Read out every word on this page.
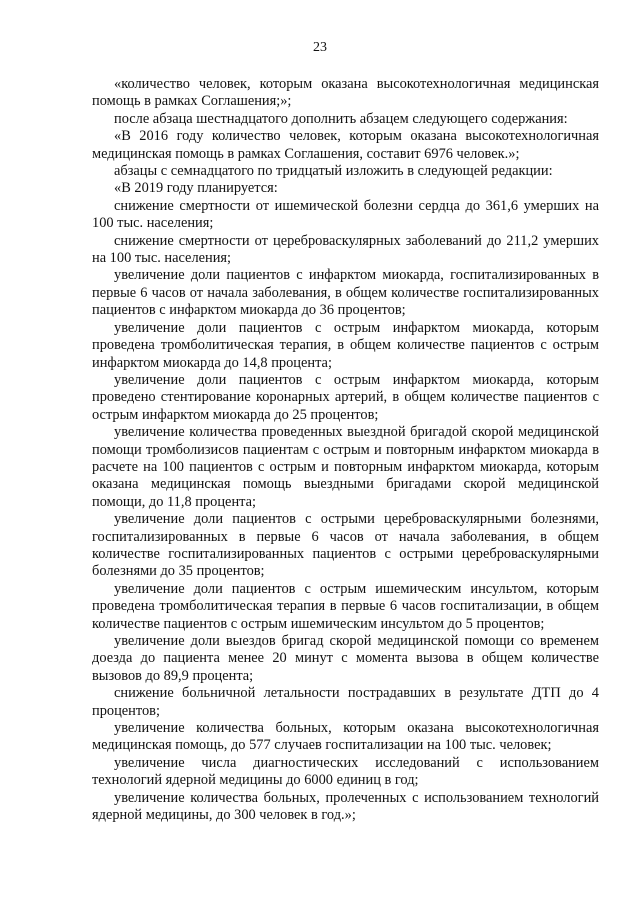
23

«количество человек, которым оказана высокотехнологичная медицинская помощь в рамках Соглашения;»;

после абзаца шестнадцатого дополнить абзацем следующего содержания:

«В 2016 году количество человек, которым оказана высокотехнологичная медицинская помощь в рамках Соглашения, составит 6976 человек.»;

абзацы с семнадцатого по тридцатый изложить в следующей редакции:

«В 2019 году планируется:

снижение смертности от ишемической болезни сердца до 361,6 умерших на 100 тыс. населения;

снижение смертности от цереброваскулярных заболеваний до 211,2 умерших на 100 тыс. населения;

увеличение доли пациентов с инфарктом миокарда, госпитализированных в первые 6 часов от начала заболевания, в общем количестве госпитализированных пациентов с инфарктом миокарда до 36 процентов;

увеличение доли пациентов с острым инфарктом миокарда, которым проведена тромболитическая терапия, в общем количестве пациентов с острым инфарктом миокарда до 14,8 процента;

увеличение доли пациентов с острым инфарктом миокарда, которым проведено стентирование коронарных артерий, в общем количестве пациентов с острым инфарктом миокарда до 25 процентов;

увеличение количества проведенных выездной бригадой скорой медицинской помощи тромболизисов пациентам с острым и повторным инфарктом миокарда в расчете на 100 пациентов с острым и повторным инфарктом миокарда, которым оказана медицинская помощь выездными бригадами скорой медицинской помощи, до 11,8 процента;

увеличение доли пациентов с острыми цереброваскулярными болезнями, госпитализированных в первые 6 часов от начала заболевания, в общем количестве госпитализированных пациентов с острыми цереброваскулярными болезнями до 35 процентов;

увеличение доли пациентов с острым ишемическим инсультом, которым проведена тромболитическая терапия в первые 6 часов госпитализации, в общем количестве пациентов с острым ишемическим инсультом до 5 процентов;

увеличение доли выездов бригад скорой медицинской помощи со временем доезда до пациента менее 20 минут с момента вызова в общем количестве вызовов до 89,9 процента;

снижение больничной летальности пострадавших в результате ДТП до 4 процентов;

увеличение количества больных, которым оказана высокотехнологичная медицинская помощь, до 577 случаев госпитализации на 100 тыс. человек;

увеличение числа диагностических исследований с использованием технологий ядерной медицины до 6000 единиц в год;

увеличение количества больных, пролеченных с использованием технологий ядерной медицины, до 300 человек в год.»;
